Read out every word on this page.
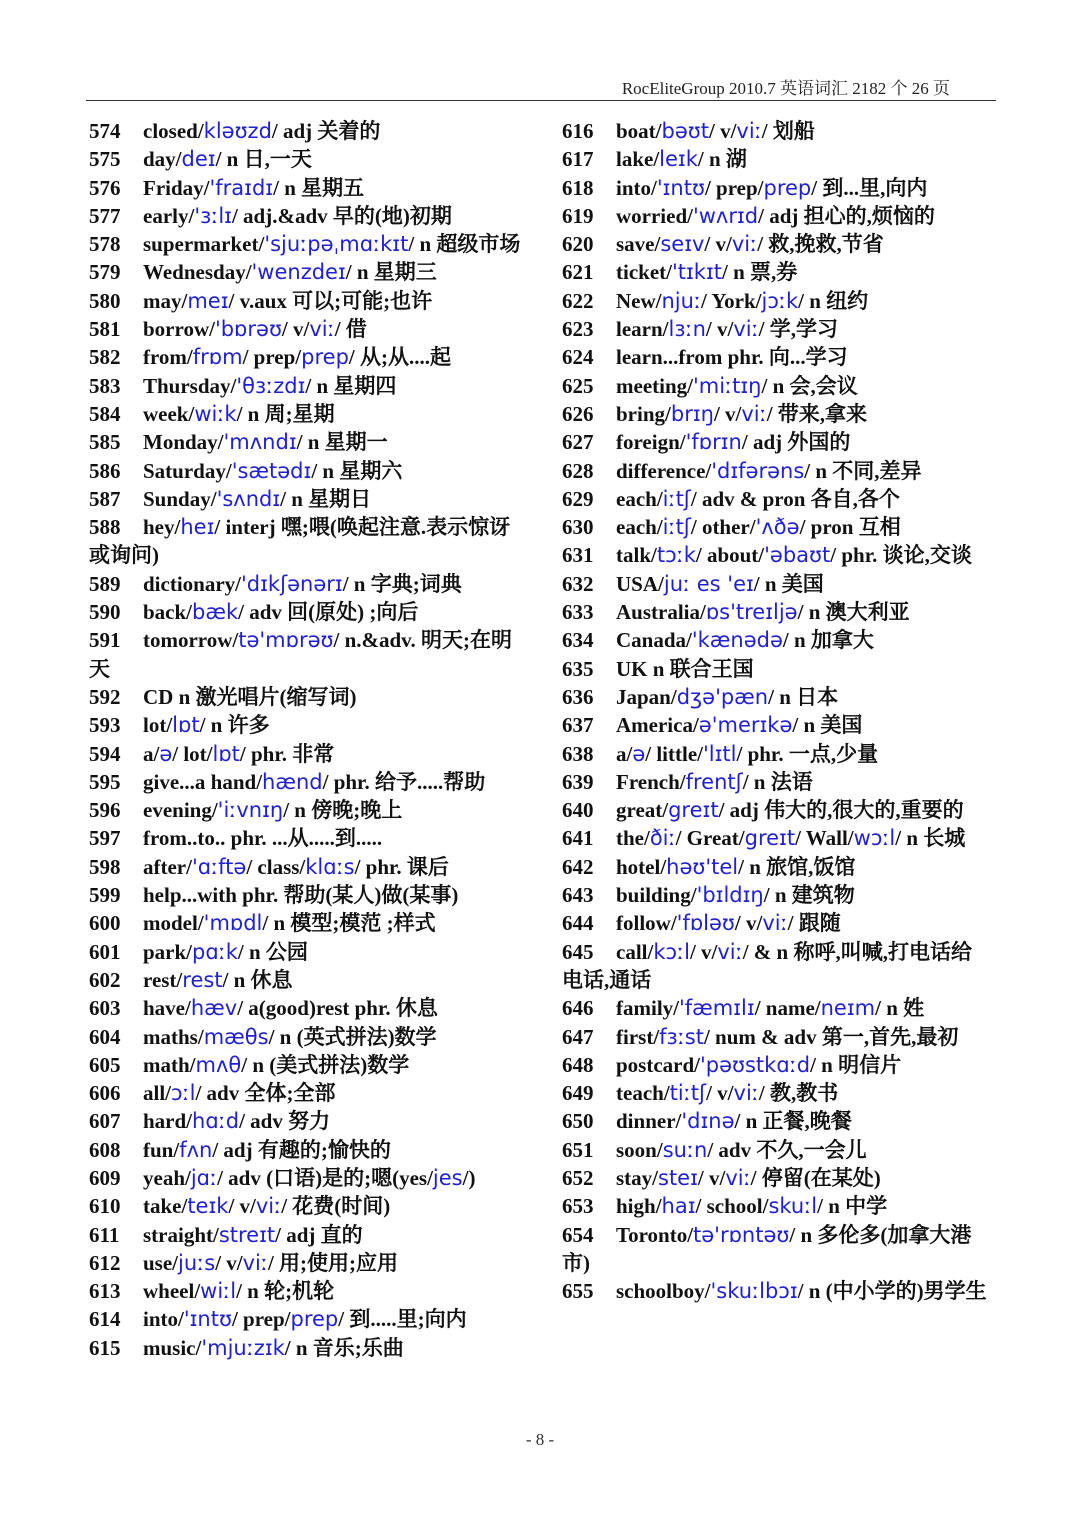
RocEliteGroup 2010.7 英语词汇 2182 个 26 页
574 closed/kləʊzd/ adj 关着的
575 day/deɪ/ n 日,一天
576 Friday/'fraɪdɪ/ n 星期五
577 early/'ɜːlɪ/ adj.&adv 早的(地)初期
578 supermarket/'sjuːpəˌmɑːkɪt/ n 超级市场
579 Wednesday/'wenzdeɪ/ n 星期三
580 may/meɪ/ v.aux 可以;可能;也许
581 borrow/'bɒrəʊ/ v/viː/ 借
582 from/frɒm/ prep/prep/ 从;从....起
583 Thursday/'θɜːzdɪ/ n 星期四
584 week/wiːk/ n 周;星期
585 Monday/'mʌndɪ/ n 星期一
586 Saturday/'sætədɪ/ n 星期六
587 Sunday/'sʌndɪ/ n 星期日
588 hey/heɪ/ interj 嘿;喂(唤起注意.表示惊讶或询问)
589 dictionary/'dɪkʃənərɪ/ n 字典;词典
590 back/bæk/ adv 回(原处) ;向后
591 tomorrow/tə'mɒrəʊ/ n.&adv. 明天;在明天
592 CD n 激光唱片(缩写词)
593 lot/lɒt/ n 许多
594 a/ə/ lot/lɒt/ phr. 非常
595 give...a hand/hænd/ phr. 给予.....帮助
596 evening/'iːvnɪŋ/ n 傍晚;晚上
597 from..to.. phr. ...从.....到.....
598 after/'ɑːftə/ class/klɑːs/ phr. 课后
599 help...with phr. 帮助(某人)做(某事)
600 model/'mɒdl/ n 模型;模范 ;样式
601 park/pɑːk/ n 公园
602 rest/rest/ n 休息
603 have/hæv/ a(good)rest phr. 休息
604 maths/mæθs/ n (英式拼法)数学
605 math/mʌθ/ n (美式拼法)数学
606 all/ɔːl/ adv 全体;全部
607 hard/hɑːd/ adv 努力
608 fun/fʌn/ adj 有趣的;愉快的
609 yeah/jɑː/ adv (口语)是的;嗯(yes/jes/)
610 take/teɪk/ v/viː/ 花费(时间)
611 straight/streɪt/ adj 直的
612 use/juːs/ v/viː/ 用;使用;应用
613 wheel/wiːl/ n 轮;机轮
614 into/'ɪntʊ/ prep/prep/ 到.....里;向内
615 music/'mjuːzɪk/ n 音乐;乐曲
616 boat/bəʊt/ v/viː/ 划船
617 lake/leɪk/ n 湖
618 into/'ɪntʊ/ prep/prep/ 到...里,向内
619 worried/'wʌrɪd/ adj 担心的,烦恼的
620 save/seɪv/ v/viː/ 救,挽救,节省
621 ticket/'tɪkɪt/ n 票,券
622 New/njuː/ York/jɔːk/ n 纽约
623 learn/lɜːn/ v/viː/ 学,学习
624 learn...from phr. 向...学习
625 meeting/'miːtɪŋ/ n 会,会议
626 bring/brɪŋ/ v/viː/ 带来,拿来
627 foreign/'fɒrɪn/ adj 外国的
628 difference/'dɪfərəns/ n 不同,差异
629 each/iːtʃ/ adv & pron 各自,各个
630 each/iːtʃ/ other/'ʌðə/ pron 互相
631 talk/tɔːk/ about/'əbaʊt/ phr. 谈论,交谈
632 USA/juː es 'eɪ/ n 美国
633 Australia/ɒs'treɪljə/ n 澳大利亚
634 Canada/'kænədə/ n 加拿大
635 UK n 联合王国
636 Japan/dʒə'pæn/ n 日本
637 America/ə'merɪkə/ n 美国
638 a/ə/ little/'lɪtl/ phr. 一点,少量
639 French/frentʃ/ n 法语
640 great/greɪt/ adj 伟大的,很大的,重要的
641 the/ðiː/ Great/greɪt/ Wall/wɔːl/ n 长城
642 hotel/həʊ'tel/ n 旅馆,饭馆
643 building/'bɪldɪŋ/ n 建筑物
644 follow/'fɒləʊ/ v/viː/ 跟随
645 call/kɔːl/ v/viː/ & n 称呼,叫喊,打电话给 电话,通话
646 family/'fæmɪlɪ/ name/neɪm/ n 姓
647 first/fɜːst/ num & adv 第一,首先,最初
648 postcard/'pəʊstkɑːd/ n 明信片
649 teach/tiːtʃ/ v/viː/ 教,教书
650 dinner/'dɪnə/ n 正餐,晚餐
651 soon/suːn/ adv 不久,一会儿
652 stay/steɪ/ v/viː/ 停留(在某处)
653 high/haɪ/ school/skuːl/ n 中学
654 Toronto/tə'rɒntəʊ/ n 多伦多(加拿大港市)
655 schoolboy/'skuːlbɔɪ/ n (中小学的)男学生
- 8 -
